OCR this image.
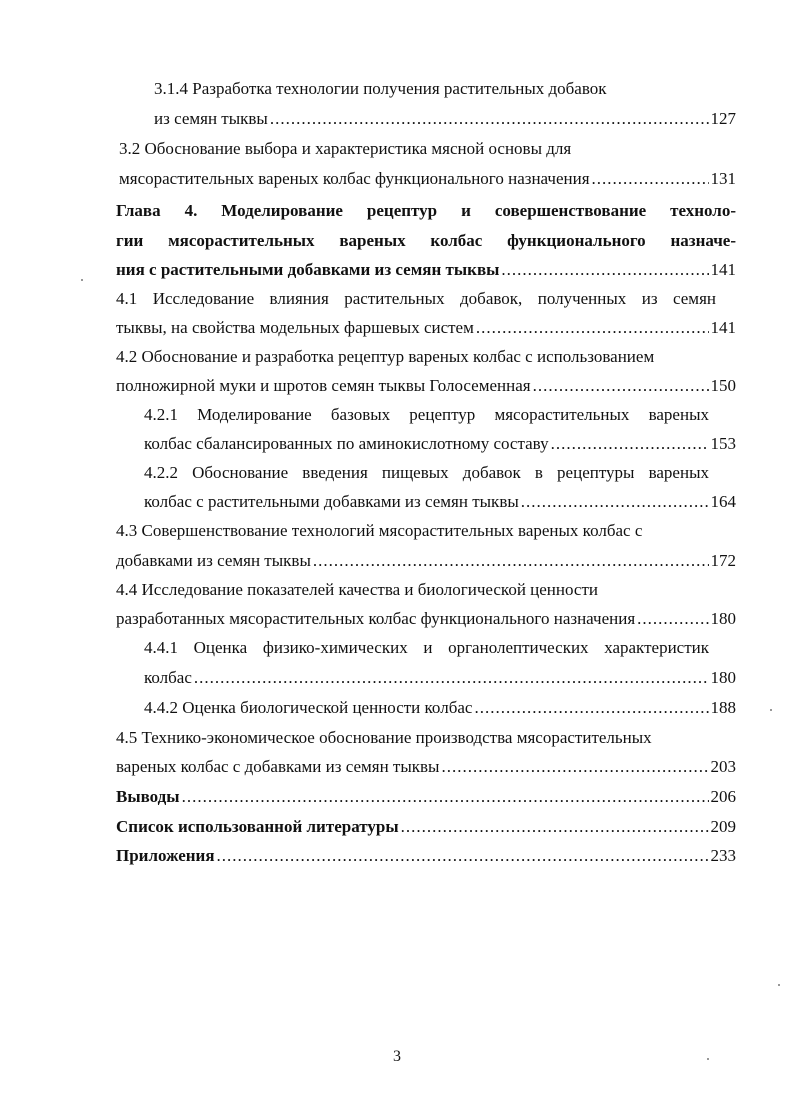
3.1.4 Разработка технологии получения растительных добавок
из семян тыквы .....	127
3.2 Обоснование выбора и характеристика мясной основы для
мясорастительных вареных колбас функционального назначения .....	131
Глава 4. Моделирование рецептур и совершенствование техноло-
гии мясорастительных вареных колбас функционального назначе-
ния с растительными добавками из семян тыквы .....	141
4.1 Исследование влияния растительных добавок, полученных из семян
тыквы, на свойства модельных фаршевых систем .....	141
4.2 Обоснование и разработка рецептур вареных колбас с использованием
полножирной муки и шротов семян тыквы Голосеменная .....	150
4.2.1 Моделирование базовых рецептур мясорастительных вареных
колбас сбалансированных по аминокислотному составу .....	153
4.2.2 Обоснование введения пищевых добавок в рецептуры вареных
колбас с растительными добавками из семян тыквы .....	164
4.3 Совершенствование технологий мясорастительных вареных колбас с
добавками из семян тыквы .....	172
4.4 Исследование показателей качества и биологической ценности
разработанных мясорастительных колбас функционального назначения .....	180
4.4.1 Оценка физико-химических и органолептических характеристик
колбас .....	180
4.4.2 Оценка биологической ценности колбас .....	188
4.5 Технико-экономическое обоснование производства мясорастительных
вареных колбас с добавками из семян тыквы .....	203
Выводы .....	206
Список использованной литературы .....	209
Приложения .....	233
3
